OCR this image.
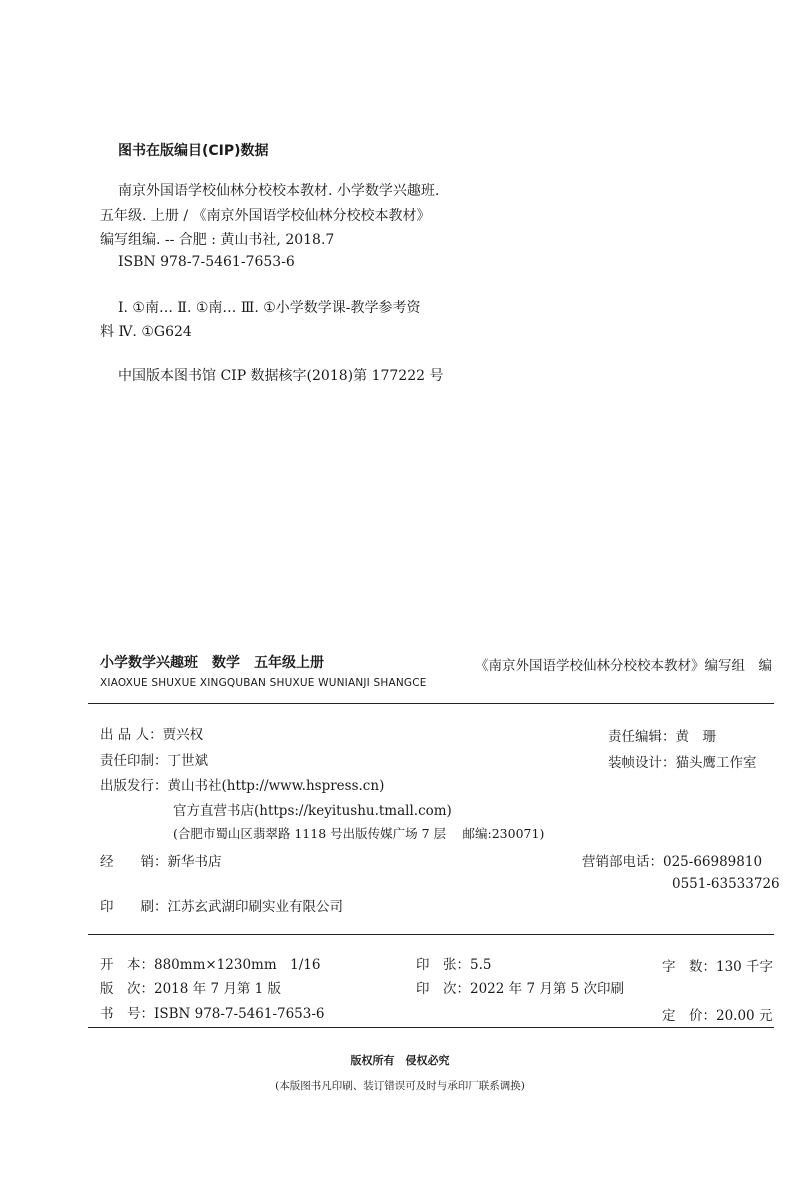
图书在版编目(CIP)数据
南京外国语学校仙林分校校本教材. 小学数学兴趣班.
五年级. 上册 / 《南京外国语学校仙林分校校本教材》
编写组编. -- 合肥 : 黄山书社, 2018.7
ISBN 978-7-5461-7653-6
Ⅰ. ①南… Ⅱ. ①南… Ⅲ. ①小学数学课-教学参考资
料 Ⅳ. ①G624
中国版本图书馆 CIP 数据核字(2018)第 177222 号
小学数学兴趣班　数学　五年级上册
XIAOXUE SHUXUE XINGQUBAN SHUXUE WUNIANJI SHANGCE
《南京外国语学校仙林分校校本教材》编写组　编
出 品 人：贾兴权
责任印制：丁世斌
出版发行：黄山书社(http://www.hspress.cn)
官方直营书店(https://keyitushu.tmall.com)
(合肥市蜀山区翡翠路 1118 号出版传媒广场 7 层　 邮编:230071)
经　　销：新华书店
印　　刷：江苏玄武湖印刷实业有限公司
责任编辑：黄　珊
装帧设计：猫头鹰工作室
营销部电话：025-66989810
0551-63533726
开　本：880mm×1230mm　1/16
版　次：2018 年 7 月第 1 版
书　号：ISBN 978-7-5461-7653-6
印　张：5.5
印　次：2022 年 7 月第 5 次印刷
字　数：130 千字
定　价：20.00 元
版权所有　侵权必究
(本版图书凡印刷、装订错误可及时与承印厂联系调换)
